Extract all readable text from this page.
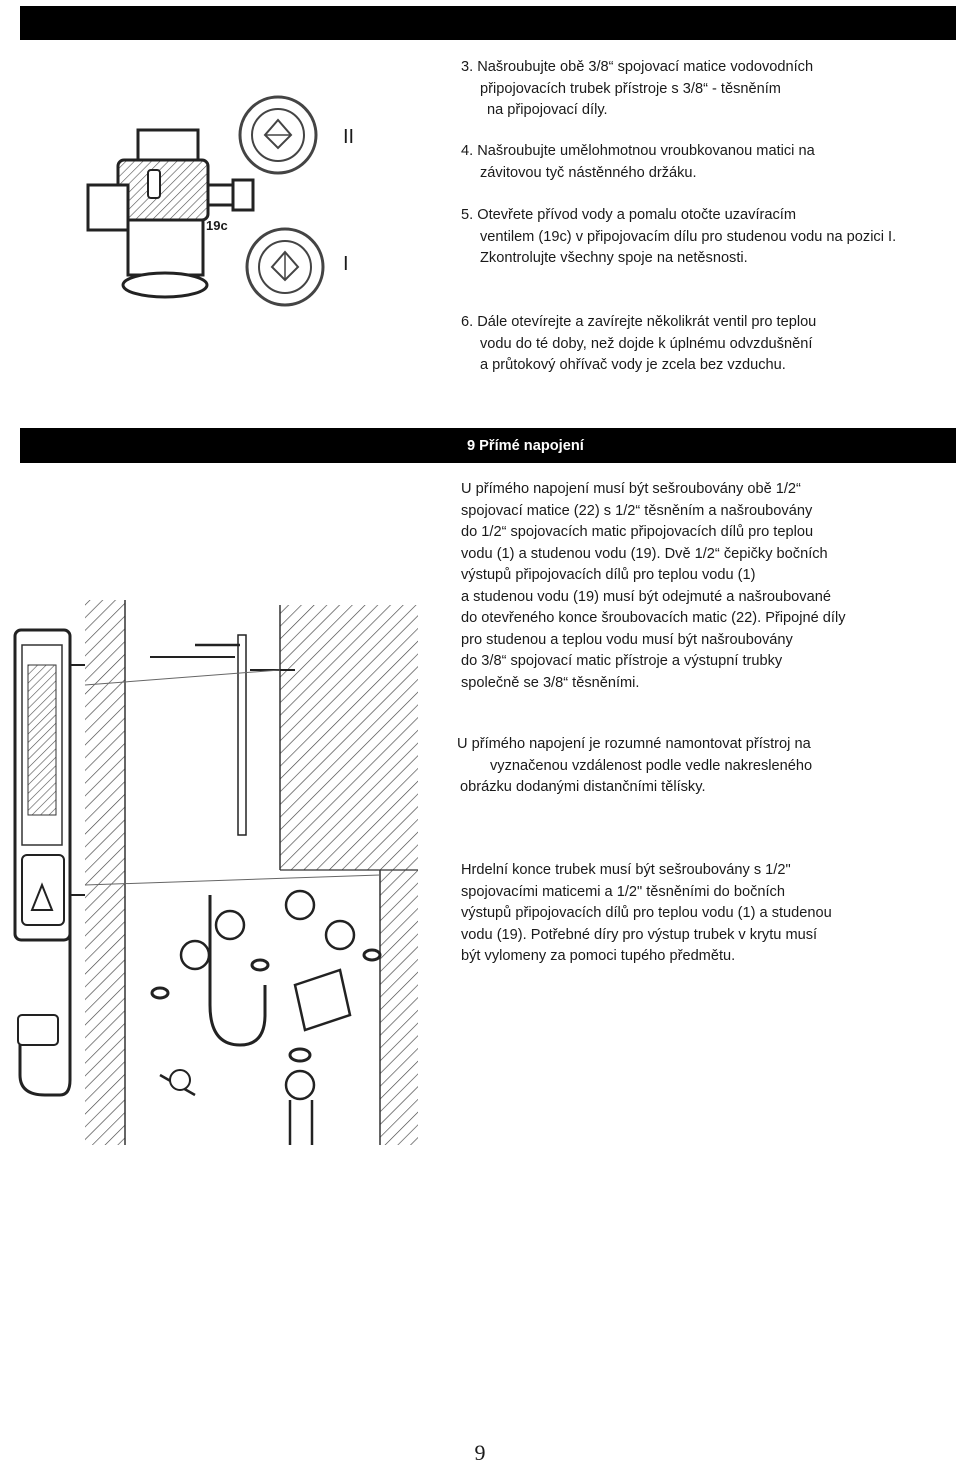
19c
II
I
3. Našroubujte obě 3/8“ spojovací matice vodovodních
připojovacích trubek přístroje s 3/8“ - těsněním
na připojovací díly.
4. Našroubujte umělohmotnou vroubkovanou matici na
závitovou tyč nástěnného držáku.
5. Otevřete přívod vody a pomalu otočte uzavíracím
ventilem (19c) v připojovacím dílu pro studenou vodu na pozici I.
Zkontrolujte všechny spoje na netěsnosti.
6. Dále otevírejte a zavírejte několikrát ventil pro teplou
vodu do té doby, než dojde k úplnému odvzdušnění
a průtokový ohřívač vody je zcela bez vzduchu.
9 Přímé napojení
U přímého napojení musí být sešroubovány obě 1/2“
spojovací matice (22) s 1/2“ těsněním a našroubovány
do 1/2“ spojovacích matic připojovacích dílů pro teplou
vodu (1) a studenou vodu (19). Dvě 1/2“ čepičky bočních
výstupů připojovacích dílů pro teplou vodu (1)
a studenou vodu (19) musí být odejmuté a našroubované
do otevřeného konce šroubovacích matic (22). Připojné díly
pro studenou a teplou vodu musí být našroubovány
do 3/8“ spojovací matic přístroje a výstupní trubky
společně se 3/8“ těsněními.
U přímého napojení je rozumné namontovat přístroj na
vyznačenou vzdálenost podle vedle nakresleného
obrázku dodanými distančními tělísky.
Hrdelní konce trubek musí být sešroubovány s 1/2"
spojovacími maticemi a 1/2" těsněními do bočních
výstupů připojovacích dílů pro teplou vodu (1) a studenou
vodu (19). Potřebné díry pro výstup trubek v krytu musí
být vylomeny za pomoci tupého předmětu.
9
